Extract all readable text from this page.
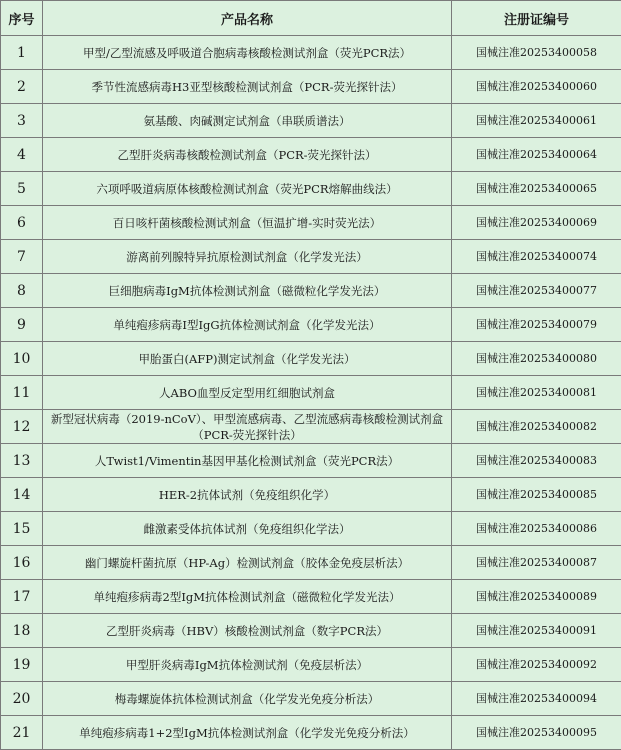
序号	产品名称	注册证编号
1	甲型/乙型流感及呼吸道合胞病毒核酸检测试剂盒（荧光PCR法）	国械注准20253400058
2	季节性流感病毒H3亚型核酸检测试剂盒（PCR-荧光探针法）	国械注准20253400060
3	氨基酸、肉碱测定试剂盒（串联质谱法）	国械注准20253400061
4	乙型肝炎病毒核酸检测试剂盒（PCR-荧光探针法）	国械注准20253400064
5	六项呼吸道病原体核酸检测试剂盒（荧光PCR熔解曲线法）	国械注准20253400065
6	百日咳杆菌核酸检测试剂盒（恒温扩增-实时荧光法）	国械注准20253400069
7	游离前列腺特异抗原检测试剂盒（化学发光法）	国械注准20253400074
8	巨细胞病毒IgM抗体检测试剂盒（磁微粒化学发光法）	国械注准20253400077
9	单纯疱疹病毒I型IgG抗体检测试剂盒（化学发光法）	国械注准20253400079
10	甲胎蛋白(AFP)测定试剂盒（化学发光法）	国械注准20253400080
11	人ABO血型反定型用红细胞试剂盒	国械注准20253400081
12	新型冠状病毒（2019-nCoV）、甲型流感病毒、乙型流感病毒核酸检测试剂盒（PCR-荧光探针法）	国械注准20253400082
13	人Twist1/Vimentin基因甲基化检测试剂盒（荧光PCR法）	国械注准20253400083
14	HER-2抗体试剂（免疫组织化学）	国械注准20253400085
15	雌激素受体抗体试剂（免疫组织化学法）	国械注准20253400086
16	幽门螺旋杆菌抗原（HP-Ag）检测试剂盒（胶体金免疫层析法）	国械注准20253400087
17	单纯疱疹病毒2型IgM抗体检测试剂盒（磁微粒化学发光法）	国械注准20253400089
18	乙型肝炎病毒（HBV）核酸检测试剂盒（数字PCR法）	国械注准20253400091
19	甲型肝炎病毒IgM抗体检测试剂（免疫层析法）	国械注准20253400092
20	梅毒螺旋体抗体检测试剂盒（化学发光免疫分析法）	国械注准20253400094
21	单纯疱疹病毒1+2型IgM抗体检测试剂盒（化学发光免疫分析法）	国械注准20253400095
